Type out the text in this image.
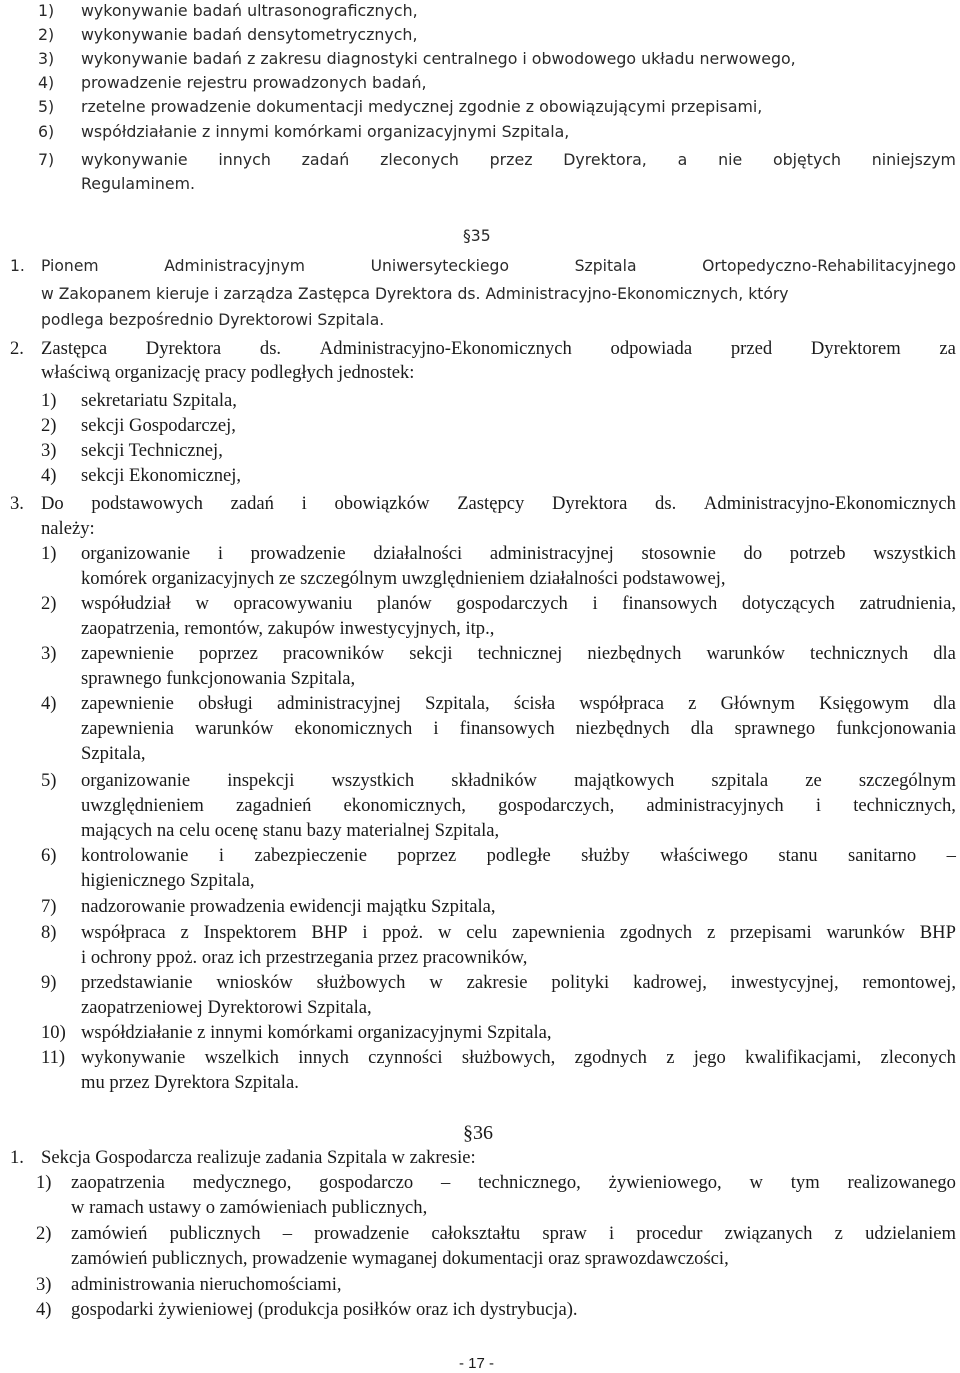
1) wykonywanie badań ultrasonograficznych,
2) wykonywanie badań densytometrycznych,
3) wykonywanie badań z zakresu diagnostyki centralnego i obwodowego układu nerwowego,
4) prowadzenie rejestru prowadzonych badań,
5) rzetelne prowadzenie dokumentacji medycznej zgodnie z obowiązującymi przepisami,
6) współdziałanie z innymi komórkami organizacyjnymi Szpitala,
7) wykonywanie innych zadań zleconych przez Dyrektora, a nie objętych niniejszym
Regulaminem.
§35
1. Pionem	Administracyjnym	Uniwersyteckiego	Szpitala	Ortopedyczno-Rehabilitacyjnego
w Zakopanem kieruje i zarządza Zastępca Dyrektora ds. Administracyjno-Ekonomicznych, który
podlega bezpośrednio Dyrektorowi Szpitala.
2. Zastępca Dyrektora ds. Administracyjno-Ekonomicznych odpowiada przed Dyrektorem za
właściwą organizację pracy podległych jednostek:
1) sekretariatu Szpitala,
2) sekcji Gospodarczej,
3) sekcji Technicznej,
4) sekcji Ekonomicznej,
3. Do podstawowych zadań i obowiązków Zastępcy Dyrektora ds. Administracyjno-Ekonomicznych
należy:
1) organizowanie i prowadzenie działalności administracyjnej stosownie do potrzeb wszystkich
komórek organizacyjnych ze szczególnym uwzględnieniem działalności podstawowej,
2) współudział w opracowywaniu planów gospodarczych i finansowych dotyczących zatrudnienia,
zaopatrzenia, remontów, zakupów inwestycyjnych, itp.,
3) zapewnienie poprzez pracowników sekcji technicznej niezbędnych warunków technicznych dla
sprawnego funkcjonowania Szpitala,
4) zapewnienie obsługi administracyjnej Szpitala, ścisła współpraca z Głównym Księgowym dla
zapewnienia warunków ekonomicznych i finansowych niezbędnych dla sprawnego funkcjonowania
Szpitala,
5) organizowanie inspekcji wszystkich składników majątkowych szpitala ze szczególnym
uwzględnieniem zagadnień ekonomicznych, gospodarczych, administracyjnych i technicznych,
mających na celu ocenę stanu bazy materialnej Szpitala,
6) kontrolowanie i zabezpieczenie poprzez podległe służby właściwego stanu sanitarno –
higienicznego Szpitala,
7) nadzorowanie prowadzenia ewidencji majątku Szpitala,
8) współpraca z Inspektorem BHP i ppoż. w celu zapewnienia zgodnych z przepisami warunków BHP
i ochrony ppoż. oraz ich przestrzegania przez pracowników,
9) przedstawianie wniosków służbowych w zakresie polityki kadrowej, inwestycyjnej, remontowej,
zaopatrzeniowej Dyrektorowi Szpitala,
10) współdziałanie z innymi komórkami organizacyjnymi Szpitala,
11) wykonywanie wszelkich innych czynności służbowych, zgodnych z jego kwalifikacjami, zleconych
mu przez Dyrektora Szpitala.
§36
1. Sekcja Gospodarcza realizuje zadania Szpitala w zakresie:
1) zaopatrzenia medycznego, gospodarczo – technicznego, żywieniowego, w tym realizowanego
w ramach ustawy o zamówieniach publicznych,
2) zamówień publicznych – prowadzenie całokształtu spraw i procedur związanych z udzielaniem
zamówień publicznych, prowadzenie wymaganej dokumentacji oraz sprawozdawczości,
3) administrowania nieruchomościami,
4) gospodarki żywieniowej (produkcja posiłków oraz ich dystrybucja).
- 17 -
